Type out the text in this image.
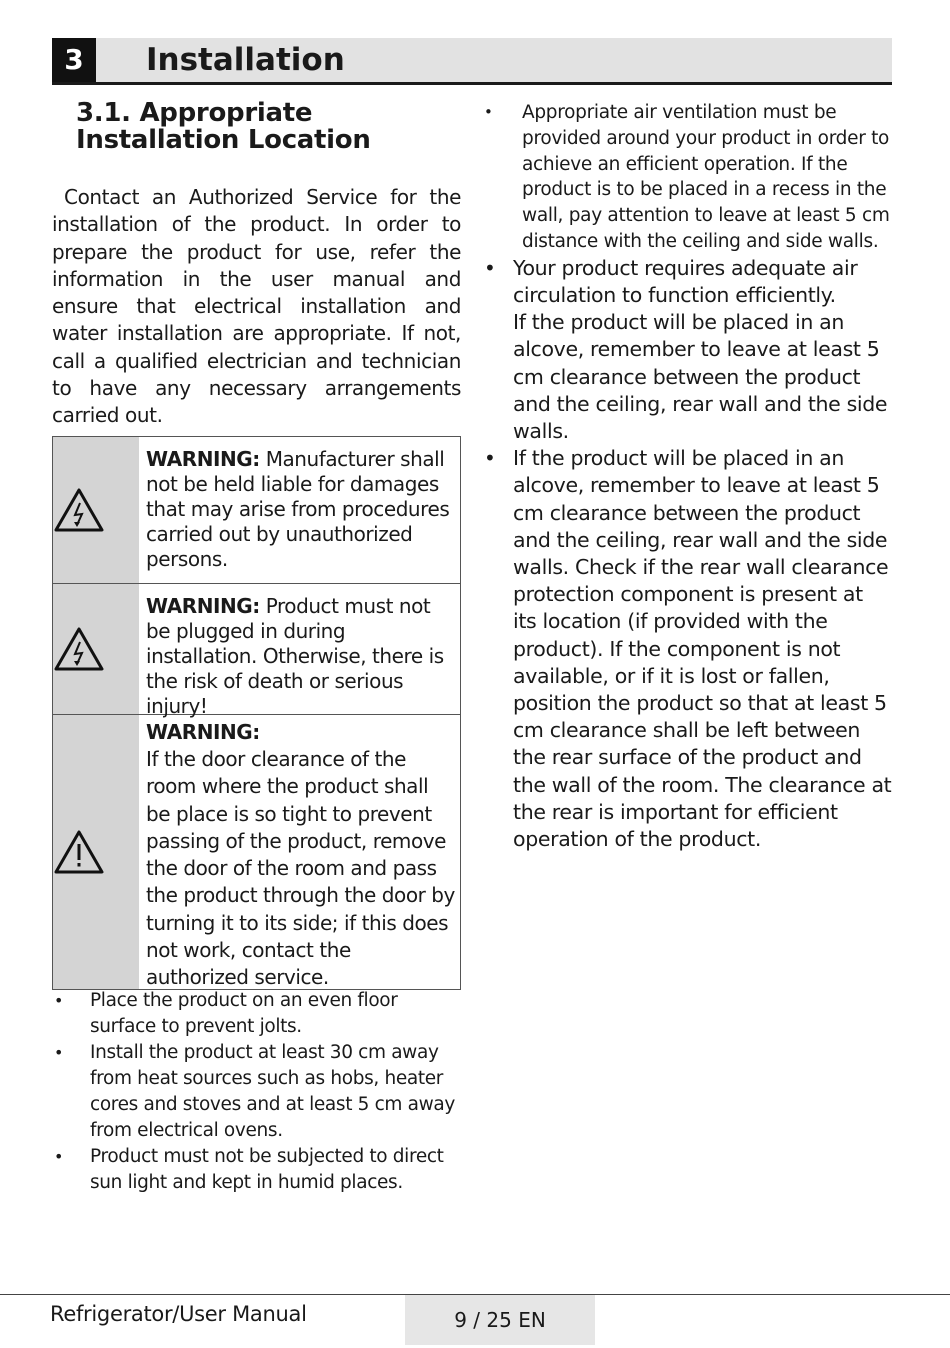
3	Installation
3.1. Appropriate
Installation Location

Contact an Authorized Service for the installation of the product. In order to prepare the product for use, refer the information in the user manual and ensure that electrical installation and water installation are appropriate. If not, call a qualified electrician and technician to have any necessary arrangements carried out.

WARNING: Manufacturer shall not be held liable for damages that may arise from procedures carried out by unauthorized persons.
WARNING: Product must not be plugged in during installation. Otherwise, there is the risk of death or serious injury!
WARNING:
If the door clearance of the room where the product shall be place is so tight to prevent passing of the product, remove the door of the room and pass the product through the door by turning it to its side; if this does not work, contact the authorized service.
• Place the product on an even floor surface to prevent jolts.
• Install the product at least 30 cm away from heat sources such as hobs, heater cores and stoves and at least 5 cm away from electrical ovens.
• Product must not be subjected to direct sun light and kept in humid places.
• Appropriate air ventilation must be provided around your product in order to achieve an efficient operation. If the product is to be placed in a recess in the wall, pay attention to leave at least 5 cm distance with the ceiling and side walls.
• Your product requires adequate air circulation to function efficiently.
If the product will be placed in an alcove, remember to leave at least 5 cm clearance between the product and the ceiling, rear wall and the side walls.
• If the product will be placed in an alcove, remember to leave at least 5 cm clearance between the product and the ceiling, rear wall and the side walls. Check if the rear wall clearance protection component is present at its location (if provided with the product). If the component is not available, or if it is lost or fallen, position the product so that at least 5 cm clearance shall be left between the rear surface of the product and the wall of the room. The clearance at the rear is important for efficient operation of the product.
Refrigerator/User Manual	9 / 25 EN
